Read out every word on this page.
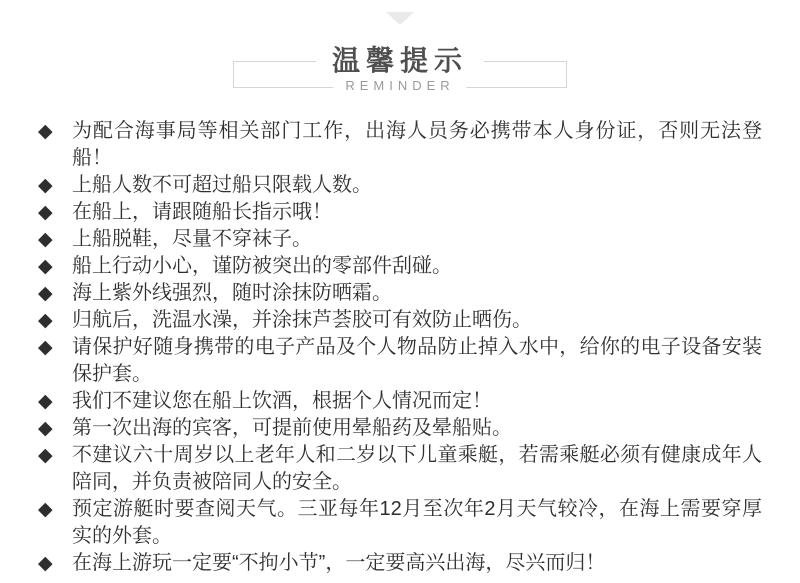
温馨提示
REMINDER
◆ 为配合海事局等相关部门工作，出海人员务必携带本人身份证，否则无法登船！
◆ 上船人数不可超过船只限载人数。
◆ 在船上，请跟随船长指示哦！
◆ 上船脱鞋，尽量不穿袜子。
◆ 船上行动小心，谨防被突出的零部件刮碰。
◆ 海上紫外线强烈，随时涂抹防晒霜。
◆ 归航后，洗温水澡，并涂抹芦荟胶可有效防止晒伤。
◆ 请保护好随身携带的电子产品及个人物品防止掉入水中，给你的电子设备安装保护套。
◆ 我们不建议您在船上饮酒，根据个人情况而定！
◆ 第一次出海的宾客，可提前使用晕船药及晕船贴。
◆ 不建议六十周岁以上老年人和二岁以下儿童乘艇，若需乘艇必须有健康成年人陪同，并负责被陪同人的安全。
◆ 预定游艇时要查阅天气。三亚每年12月至次年2月天气较冷，在海上需要穿厚实的外套。
◆ 在海上游玩一定要“不拘小节”，一定要高兴出海，尽兴而归！
